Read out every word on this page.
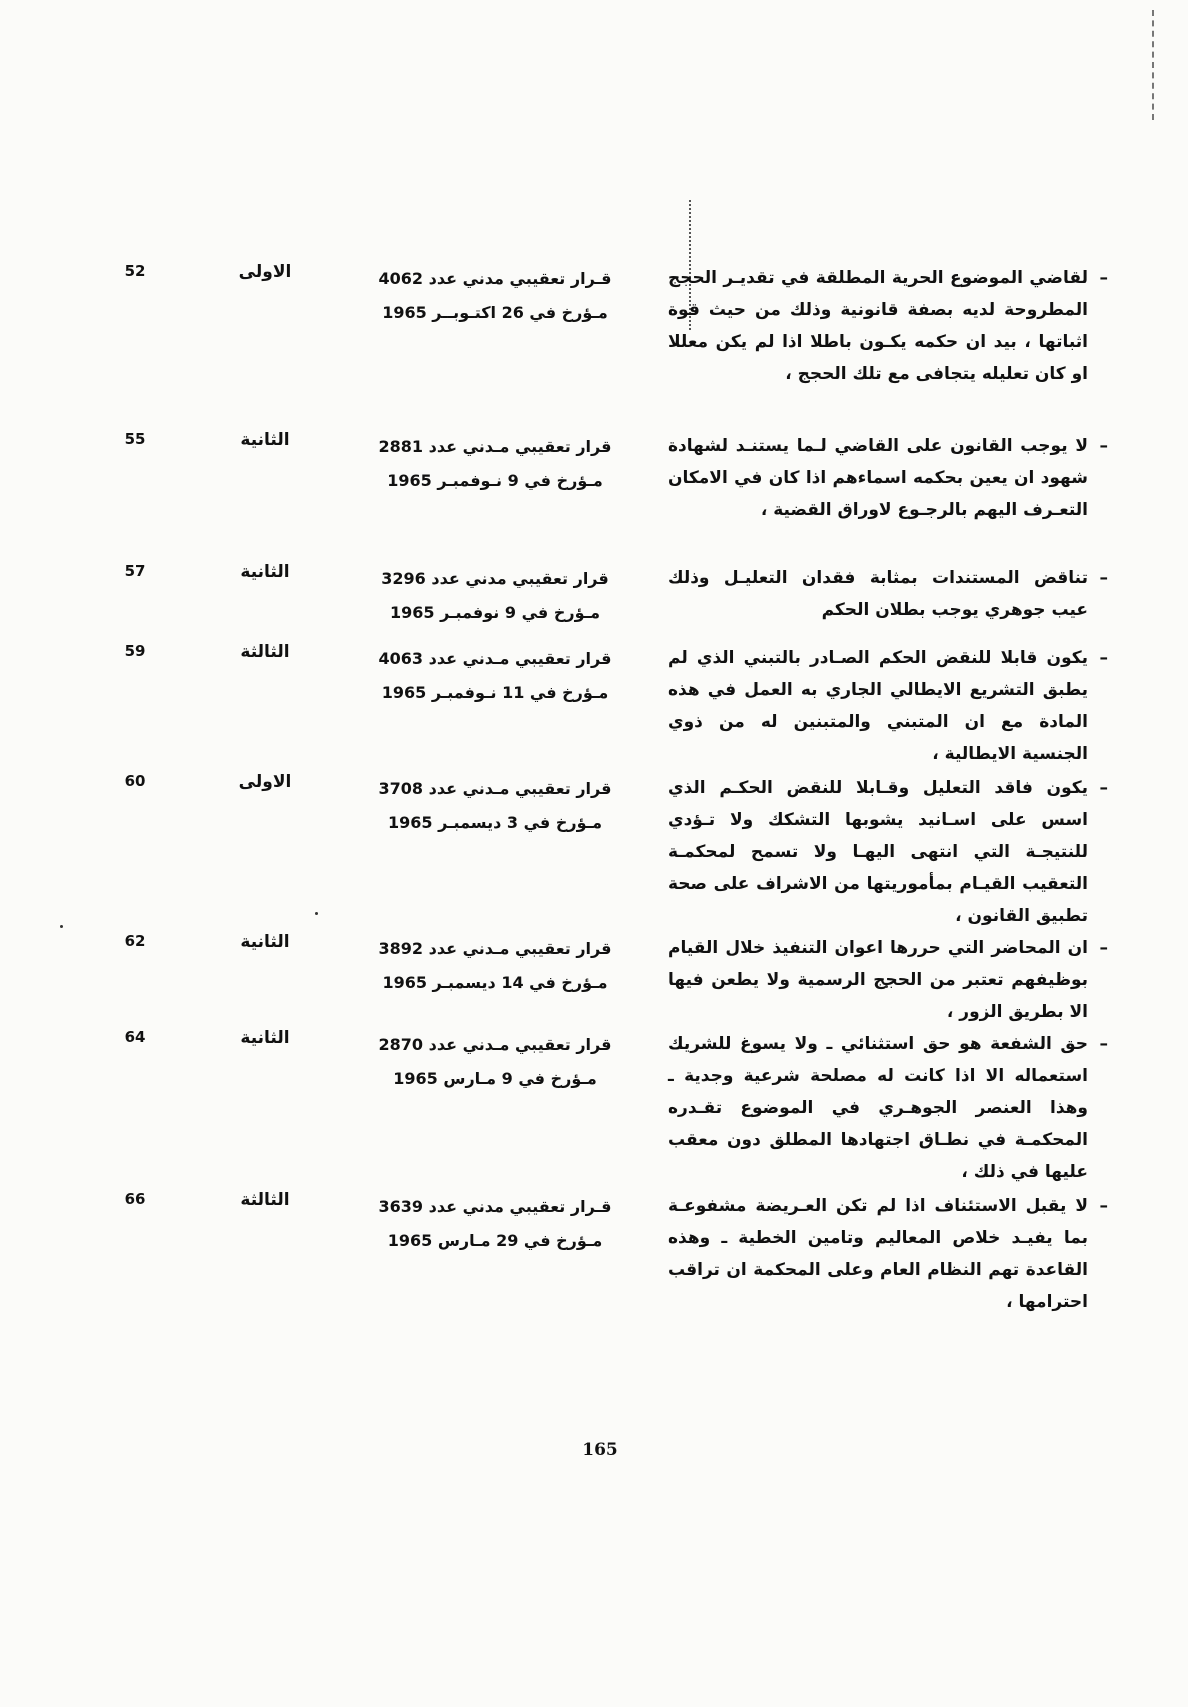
– لقاضي الموضوع الحرية المطلقة في تقديـر الحجج المطروحة لديه بصفة قانونية وذلك من حيث قوة اثباتها ، بيد ان حكمه يكـون باطلا اذا لم يكن معللا او كان تعليله يتجافى مع تلك الحجج ،
قـرار تعقيبي مدني عدد 4062
مـؤرخ في 26 اكتـوبــر 1965
الاولى
52
– لا يوجب القانون على القاضي لـما يستنـد لشهادة شهود ان يعين بحكمه اسماءهم اذا كان في الامكان التعـرف اليهم بالرجـوع لاوراق القضية ،
قرار تعقيبي مـدني عدد 2881
مـؤرخ في 9 نـوفمبـر 1965
الثانية
55
– تناقض المستندات بمثابة فقدان التعليـل وذلك عيب جوهري يوجب بطلان الحكم
قرار تعقيبي مدني عدد 3296
مـؤرخ في 9 نوفمبـر 1965
الثانية
57
– يكون قابلا للنقض الحكم الصـادر بالتبني الذي لم يطبق التشريع الايطالي الجاري به العمل في هذه المادة مع ان المتبني والمتبنين له من ذوي الجنسية الايطالية ،
قرار تعقيبي مـدني عدد 4063
مـؤرخ في 11 نـوفمبـر 1965
الثالثة
59
– يكون فاقد التعليل وقـابلا للنقض الحكـم الذي اسس على اسـانيد يشوبها التشكك ولا تـؤدي للنتيجـة التي انتهى اليهـا ولا تسمح لمحكمـة التعقيب القيـام بمأموريتها من الاشراف على صحة تطبيق القانون ،
قرار تعقيبي مـدني عدد 3708
مـؤرخ في 3 ديسمبـر 1965
الاولى
60
– ان المحاضر التي حررها اعوان التنفيذ خلال القيام بوظيفهم تعتبر من الحجج الرسمية ولا يطعن فيها الا بطريق الزور ،
قرار تعقيبي مـدني عدد 3892
مـؤرخ في 14 ديسمبـر 1965
الثانية
62
– حق الشفعة هو حق استثنائي ـ ولا يسوغ للشريك استعماله الا اذا كانت له مصلحة شرعية وجدية ـ وهذا العنصر الجوهـري في الموضوع تقـدره المحكمـة في نطـاق اجتهادها المطلق دون معقب عليها في ذلك ،
قرار تعقيبي مـدني عدد 2870
مـؤرخ في 9 مـارس 1965
الثانية
64
– لا يقبل الاستئناف اذا لم تكن العـريضة مشفوعـة بما يفيـد خلاص المعاليم وتامين الخطية ـ وهذه القاعدة تهم النظام العام وعلى المحكمة ان تراقب احترامها ،
قـرار تعقيبي مدني عدد 3639
مـؤرخ في 29 مـارس 1965
الثالثة
66
165
